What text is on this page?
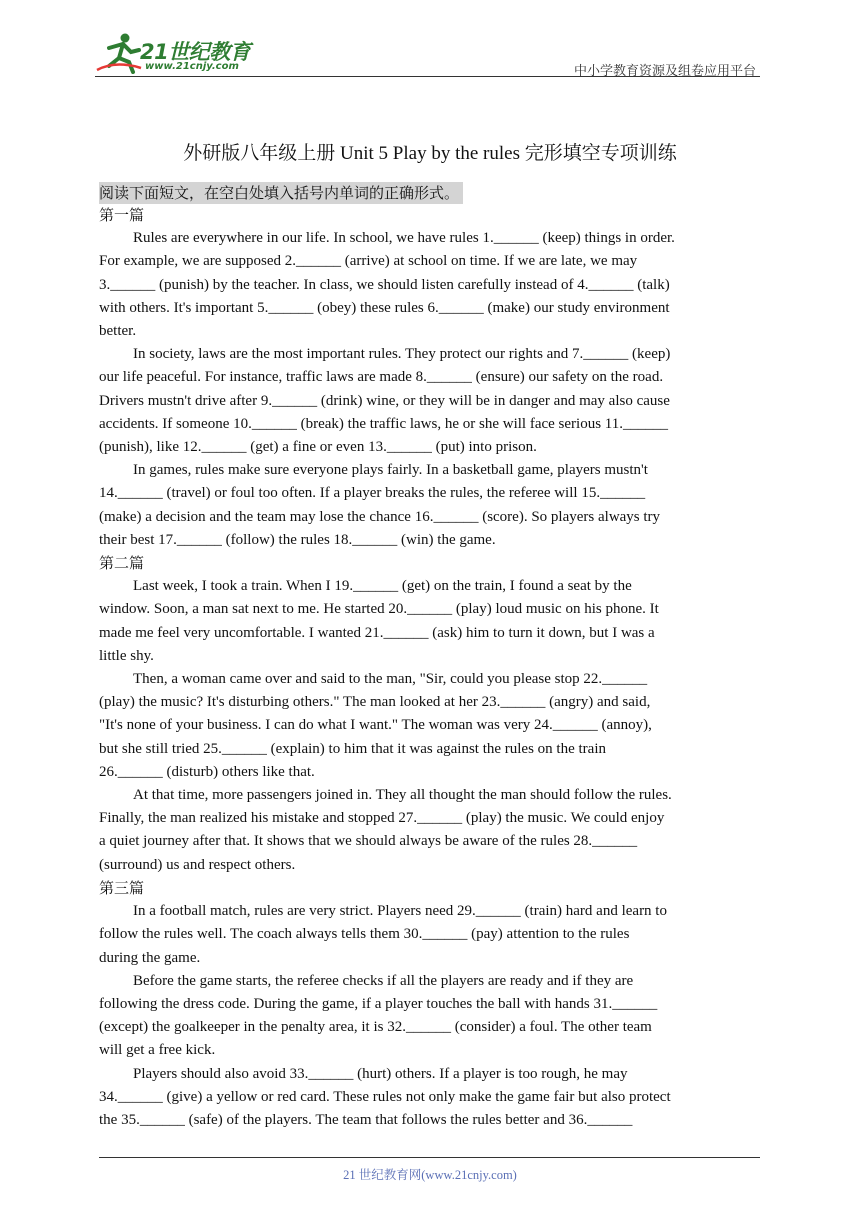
21世纪教育
www.21cnjy.com	中小学教育资源及组卷应用平台
外研版八年级上册 Unit 5 Play by the rules 完形填空专项训练
阅读下面短文，在空白处填入括号内单词的正确形式。
第一篇
Rules are everywhere in our life. In school, we have rules 1.______ (keep) things in order.
For example, we are supposed 2.______ (arrive) at school on time. If we are late, we may
3.______ (punish) by the teacher. In class, we should listen carefully instead of 4.______ (talk)
with others. It's important 5.______ (obey) these rules 6.______ (make) our study environment
better.
In society, laws are the most important rules. They protect our rights and 7.______ (keep)
our life peaceful. For instance, traffic laws are made 8.______ (ensure) our safety on the road.
Drivers mustn't drive after 9.______ (drink) wine, or they will be in danger and may also cause
accidents. If someone 10.______ (break) the traffic laws, he or she will face serious 11.______
(punish), like 12.______ (get) a fine or even 13.______ (put) into prison.
In games, rules make sure everyone plays fairly. In a basketball game, players mustn't
14.______ (travel) or foul too often. If a player breaks the rules, the referee will 15.______
(make) a decision and the team may lose the chance 16.______ (score). So players always try
their best 17.______ (follow) the rules 18.______ (win) the game.
第二篇
Last week, I took a train. When I 19.______ (get) on the train, I found a seat by the
window. Soon, a man sat next to me. He started 20.______ (play) loud music on his phone. It
made me feel very uncomfortable. I wanted 21.______ (ask) him to turn it down, but I was a
little shy.
Then, a woman came over and said to the man, "Sir, could you please stop 22.______
(play) the music? It's disturbing others." The man looked at her 23.______ (angry) and said,
"It's none of your business. I can do what I want." The woman was very 24.______ (annoy),
but she still tried 25.______ (explain) to him that it was against the rules on the train
26.______ (disturb) others like that.
At that time, more passengers joined in. They all thought the man should follow the rules.
Finally, the man realized his mistake and stopped 27.______ (play) the music. We could enjoy
a quiet journey after that. It shows that we should always be aware of the rules 28.______
(surround) us and respect others.
第三篇
In a football match, rules are very strict. Players need 29.______ (train) hard and learn to
follow the rules well. The coach always tells them 30.______ (pay) attention to the rules
during the game.
Before the game starts, the referee checks if all the players are ready and if they are
following the dress code. During the game, if a player touches the ball with hands 31.______
(except) the goalkeeper in the penalty area, it is 32.______ (consider) a foul. The other team
will get a free kick.
Players should also avoid 33.______ (hurt) others. If a player is too rough, he may
34.______ (give) a yellow or red card. These rules not only make the game fair but also protect
the 35.______ (safe) of the players. The team that follows the rules better and 36.______
21 世纪教育网(www.21cnjy.com)
